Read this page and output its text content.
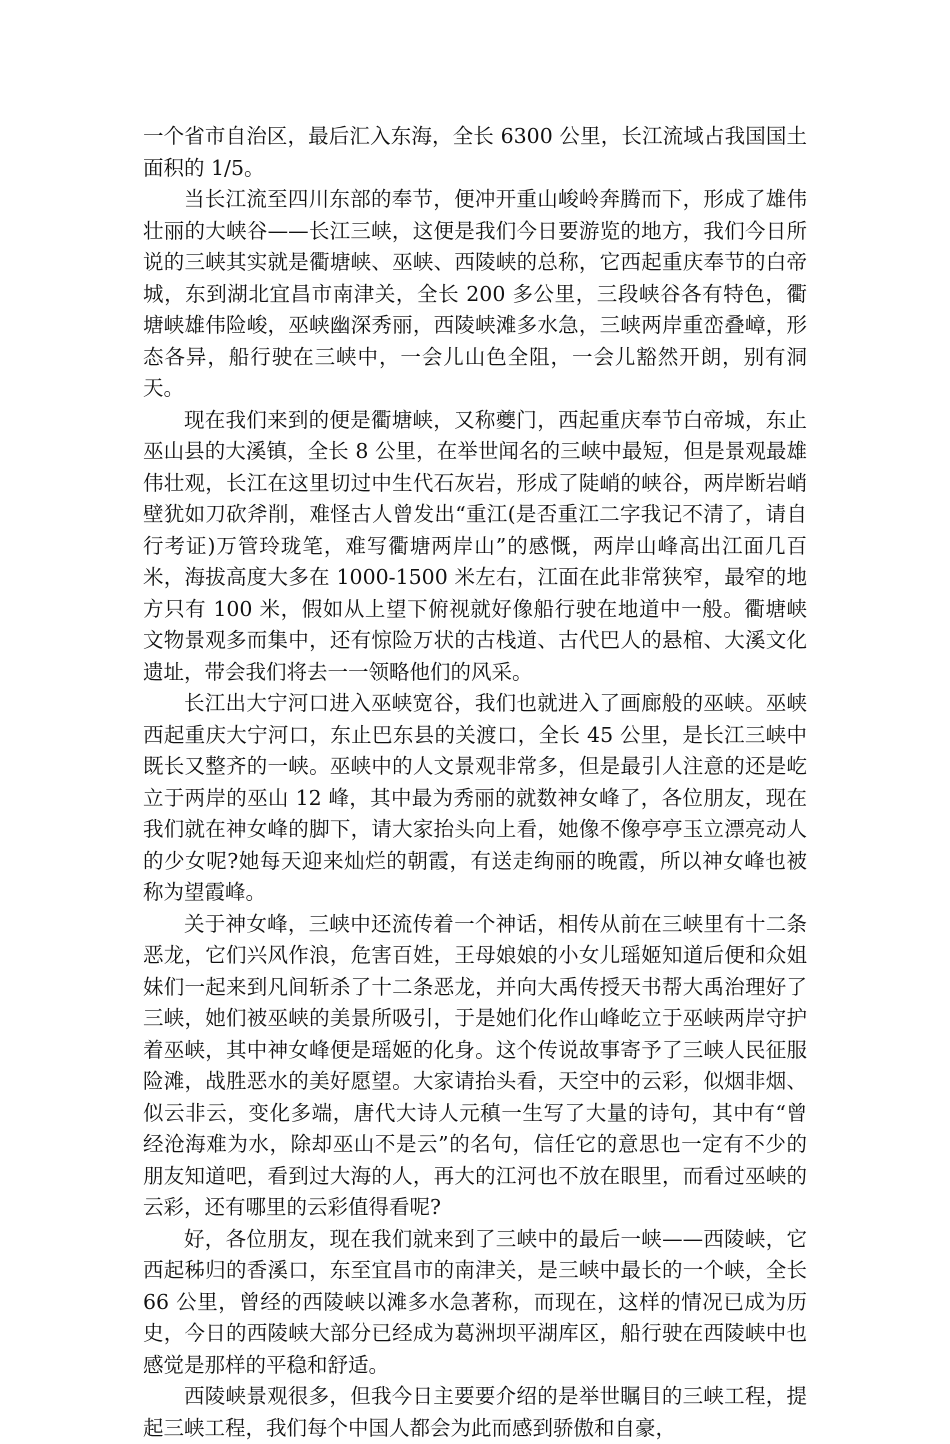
一个省市自治区，最后汇入东海，全长 6300 公里，长江流域占我国国土面积的 1/5。

当长江流至四川东部的奉节，便冲开重山峻岭奔腾而下，形成了雄伟壮丽的大峡谷——长江三峡，这便是我们今日要游览的地方，我们今日所说的三峡其实就是衢塘峡、巫峡、西陵峡的总称，它西起重庆奉节的白帝城，东到湖北宜昌市南津关，全长 200 多公里，三段峡谷各有特色，衢塘峡雄伟险峻，巫峡幽深秀丽，西陵峡滩多水急，三峡两岸重峦叠嶂，形态各异，船行驶在三峡中，一会儿山色全阻，一会儿豁然开朗，别有洞天。

现在我们来到的便是衢塘峡，又称夔门，西起重庆奉节白帝城，东止巫山县的大溪镇，全长 8 公里，在举世闻名的三峡中最短，但是景观最雄伟壮观，长江在这里切过中生代石灰岩，形成了陡峭的峡谷，两岸断岩峭壁犹如刀砍斧削，难怪古人曾发出“重江(是否重江二字我记不清了，请自行考证)万管玲珑笔，难写衢塘两岸山”的感慨，两岸山峰高出江面几百米，海拔高度大多在 1000-1500 米左右，江面在此非常狭窄，最窄的地方只有 100 米，假如从上望下俯视就好像船行驶在地道中一般。衢塘峡文物景观多而集中，还有惊险万状的古栈道、古代巴人的悬棺、大溪文化遗址，带会我们将去一一领略他们的风采。

长江出大宁河口进入巫峡宽谷，我们也就进入了画廊般的巫峡。巫峡西起重庆大宁河口，东止巴东县的关渡口，全长 45 公里，是长江三峡中既长又整齐的一峡。巫峡中的人文景观非常多，但是最引人注意的还是屹立于两岸的巫山 12 峰，其中最为秀丽的就数神女峰了，各位朋友，现在我们就在神女峰的脚下，请大家抬头向上看，她像不像亭亭玉立漂亮动人的少女呢?她每天迎来灿烂的朝霞，有送走绚丽的晚霞，所以神女峰也被称为望霞峰。

关于神女峰，三峡中还流传着一个神话，相传从前在三峡里有十二条恶龙，它们兴风作浪，危害百姓，王母娘娘的小女儿瑶姬知道后便和众姐妹们一起来到凡间斩杀了十二条恶龙，并向大禹传授天书帮大禹治理好了三峡，她们被巫峡的美景所吸引，于是她们化作山峰屹立于巫峡两岸守护着巫峡，其中神女峰便是瑶姬的化身。这个传说故事寄予了三峡人民征服险滩，战胜恶水的美好愿望。大家请抬头看，天空中的云彩，似烟非烟、似云非云，变化多端，唐代大诗人元稹一生写了大量的诗句，其中有“曾经沧海难为水，除却巫山不是云”的名句，信任它的意思也一定有不少的朋友知道吧，看到过大海的人，再大的江河也不放在眼里，而看过巫峡的云彩，还有哪里的云彩值得看呢?

好，各位朋友，现在我们就来到了三峡中的最后一峡——西陵峡，它西起秭归的香溪口，东至宜昌市的南津关，是三峡中最长的一个峡，全长 66 公里，曾经的西陵峡以滩多水急著称，而现在，这样的情况已成为历史，今日的西陵峡大部分已经成为葛洲坝平湖库区，船行驶在西陵峡中也感觉是那样的平稳和舒适。

西陵峡景观很多，但我今日主要要介绍的是举世瞩目的三峡工程，提起三峡工程，我们每个中国人都会为此而感到骄傲和自豪，
